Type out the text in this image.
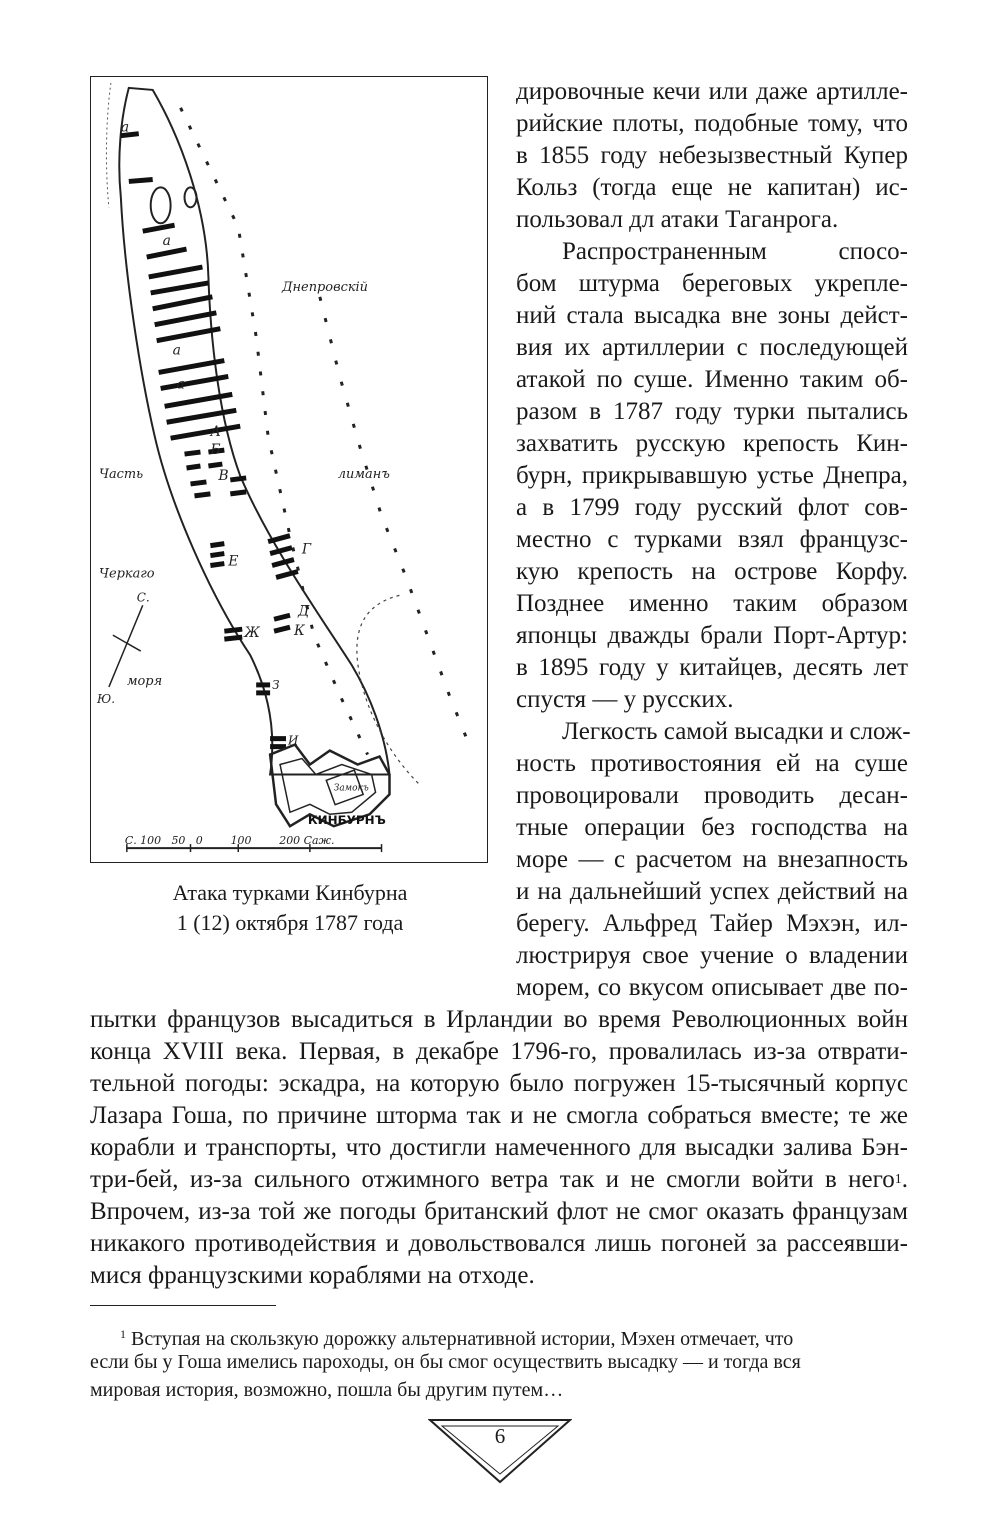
а
а
а
а
А
Б
В
Г
Д
К
Е
Ж
З
И
Замокъ
КИНБУРНЪ
Днепровскій
лиманъ
Часть
Черкаго
моря
С.
Ю.
С. 100   50   0        100        200 Саж.
Атака турками Кинбурна
1 (12) октября 1787 года
дировочные кечи или даже артилле-
рийские плоты, подобные тому, что
в 1855 году небезызвестный Купер
Кольз (тогда еще не капитан) ис-
пользовал дл атаки Таганрога.
Распространенным спосо-
бом штурма береговых укрепле-
ний стала высадка вне зоны дейст-
вия их артиллерии с последующей
атакой по суше. Именно таким об-
разом в 1787 году турки пытались
захватить русскую крепость Кин-
бурн, прикрывавшую устье Днепра,
а в 1799 году русский флот сов-
местно с турками взял французс-
кую крепость на острове Корфу.
Позднее именно таким образом
японцы дважды брали Порт-Артур:
в 1895 году у китайцев, десять лет
спустя — у русских.
Легкость самой высадки и слож-
ность противостояния ей на суше
провоцировали проводить десан-
тные операции без господства на
море — с расчетом на внезапность
и на дальнейший успех действий на
берегу. Альфред Тайер Мэхэн, ил-
люстрируя свое учение о владении
морем, со вкусом описывает две по-
пытки французов высадиться в Ирландии во время Революционных войн
конца XVIII века. Первая, в декабре 1796-го, провалилась из-за отврати-
тельной погоды: эскадра, на которую было погружен 15-тысячный корпус
Лазара Гоша, по причине шторма так и не смогла собраться вместе; те же
корабли и транспорты, что достигли намеченного для высадки залива Бэн-
три-бей, из-за сильного отжимного ветра так и не смогли войти в него 1 .
Впрочем, из-за той же погоды британский флот не смог оказать французам
никакого противодействия и довольствовался лишь погоней за рассеявши-
мися французскими кораблями на отходе.
$^1$ Вступая на скользкую дорожку альтернативной истории, Мэхен отмечает, что
если бы у Гоша имелись пароходы, он бы смог осуществить высадку — и тогда вся
мировая история, возможно, пошла бы другим путем…
6
